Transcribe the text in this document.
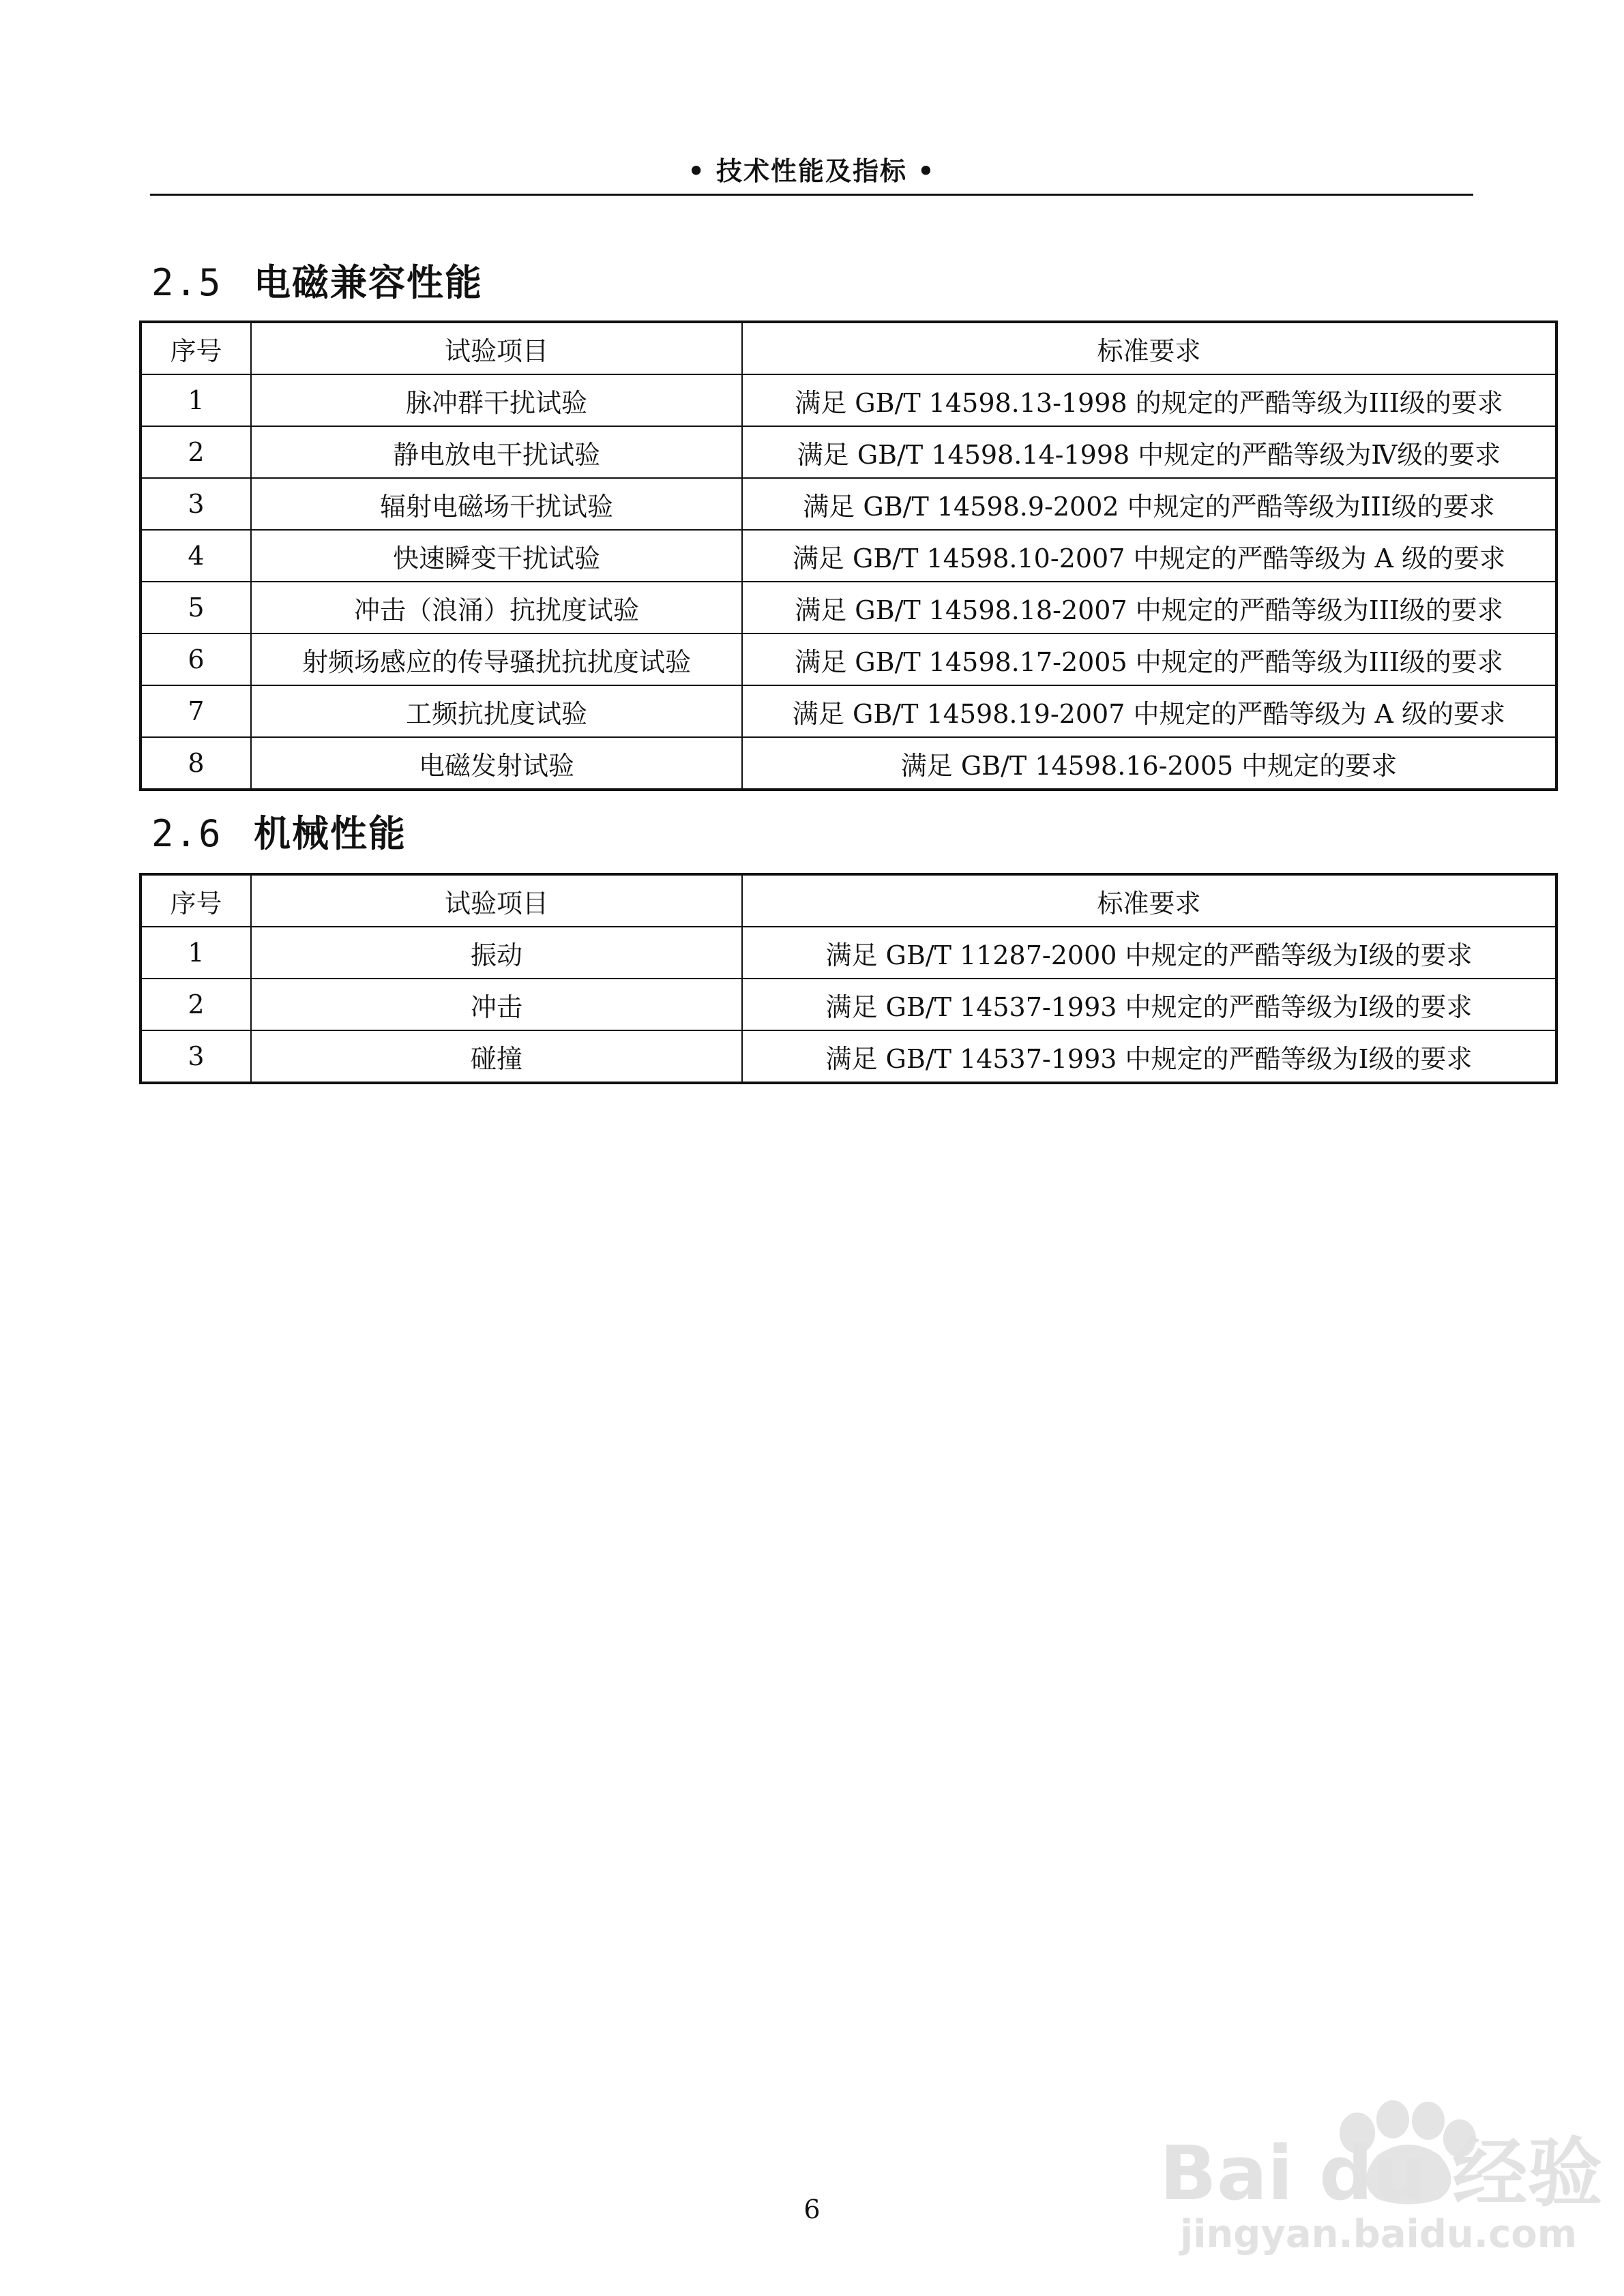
• 技术性能及指标 •
2.5 电磁兼容性能
序号	试验项目	标准要求
1	脉冲群干扰试验	满足 GB/T 14598.13-1998 的规定的严酷等级为III级的要求
2	静电放电干扰试验	满足 GB/T 14598.14-1998 中规定的严酷等级为Ⅳ级的要求
3	辐射电磁场干扰试验	满足 GB/T 14598.9-2002 中规定的严酷等级为III级的要求
4	快速瞬变干扰试验	满足 GB/T 14598.10-2007 中规定的严酷等级为 A 级的要求
5	冲击（浪涌）抗扰度试验	满足 GB/T 14598.18-2007 中规定的严酷等级为III级的要求
6	射频场感应的传导骚扰抗扰度试验	满足 GB/T 14598.17-2005 中规定的严酷等级为III级的要求
7	工频抗扰度试验	满足 GB/T 14598.19-2007 中规定的严酷等级为 A 级的要求
8	电磁发射试验	满足 GB/T 14598.16-2005 中规定的要求
2.6 机械性能
序号	试验项目	标准要求
1	振动	满足 GB/T 11287-2000 中规定的严酷等级为Ⅰ级的要求
2	冲击	满足 GB/T 14537-1993 中规定的严酷等级为Ⅰ级的要求
3	碰撞	满足 GB/T 14537-1993 中规定的严酷等级为Ⅰ级的要求
Bai du 经验
jingyan.baidu.com
6
